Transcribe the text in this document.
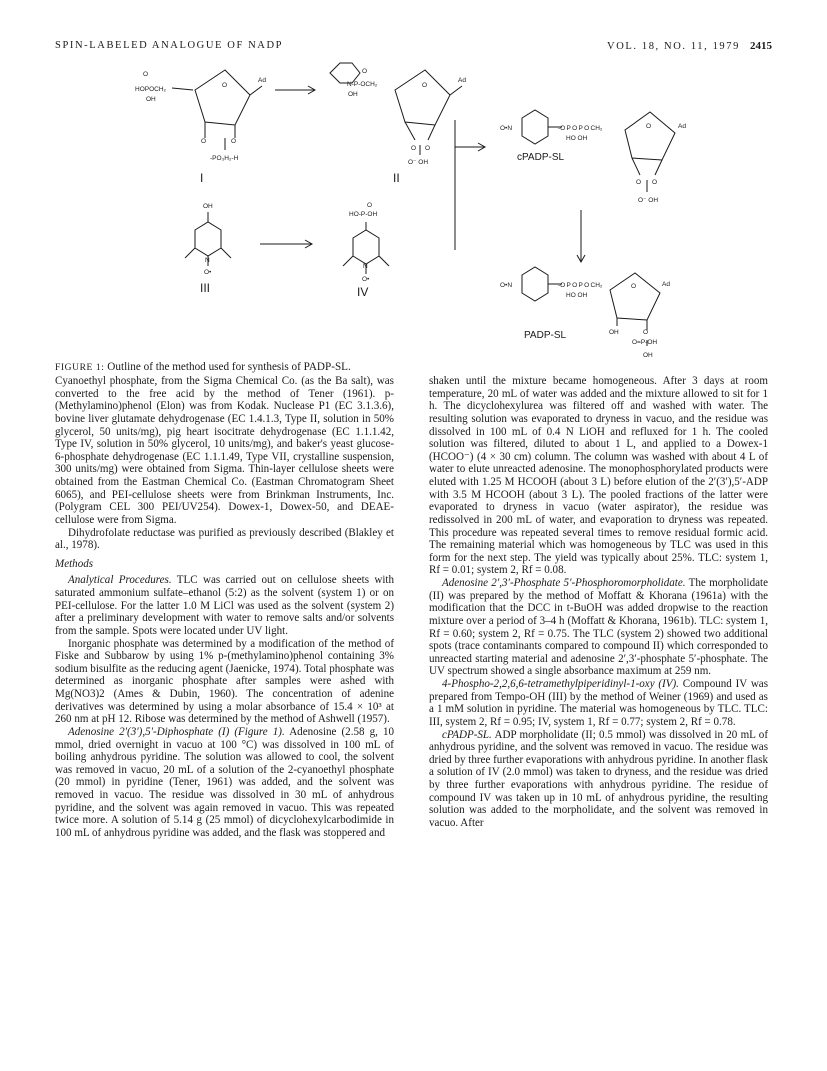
SPIN-LABELED ANALOGUE OF NADP	VOL. 18, NO. 11, 1979 2415
O
HOPOCH₂
OH
O
Ad
O	O
-PO₃H₂-H
O
N-P-OCH₂
OH
O
Ad
O O
O⁻ OH
OH
N
O•
O
HO-P-OH
N
O•
O•N	-O P O P O CH₂
HO OH
O	Ad
O O
O⁻ OH
O•N	-O P O P O CH₂
HO OH
O	Ad
OH	O
O=P-OH
OH
I	II
III	IV
cPADP-SL
PADP-SL
FIGURE 1: Outline of the method used for synthesis of PADP-SL.

Cyanoethyl phosphate, from the Sigma Chemical Co. (as the Ba salt), was converted to the free acid by the method of Tener (1961). p-(Methylamino)phenol (Elon) was from Kodak. Nuclease P1 (EC 3.1.3.6), bovine liver glutamate dehydrogenase (EC 1.4.1.3, Type II, solution in 50% glycerol, 50 units/mg), pig heart isocitrate dehydrogenase (EC 1.1.1.42, Type IV, solution in 50% glycerol, 10 units/mg), and baker's yeast glucose-6-phosphate dehydrogenase (EC 1.1.1.49, Type VII, crystalline suspension, 300 units/mg) were obtained from Sigma. Thin-layer cellulose sheets were obtained from the Eastman Chemical Co. (Eastman Chromatogram Sheet 6065), and PEI-cellulose sheets were from Brinkman Instruments, Inc. (Polygram CEL 300 PEI/UV254). Dowex-1, Dowex-50, and DEAE-cellulose were from Sigma.

Dihydrofolate reductase was purified as previously described (Blakley et al., 1978).

Methods

Analytical Procedures. TLC was carried out on cellulose sheets with saturated ammonium sulfate–ethanol (5:2) as the solvent (system 1) or on PEI-cellulose. For the latter 1.0 M LiCl was used as the solvent (system 2) after a preliminary development with water to remove salts and/or solvents from the sample. Spots were located under UV light.

Inorganic phosphate was determined by a modification of the method of Fiske and Subbarow by using 1% p-(methylamino)phenol containing 3% sodium bisulfite as the reducing agent (Jaenicke, 1974). Total phosphate was determined as inorganic phosphate after samples were ashed with Mg(NO3)2 (Ames & Dubin, 1960). The concentration of adenine derivatives was determined by using a molar absorbance of 15.4 × 10³ at 260 nm at pH 12. Ribose was determined by the method of Ashwell (1957).

Adenosine 2′(3′),5′-Diphosphate (I) (Figure 1). Adenosine (2.58 g, 10 mmol, dried overnight in vacuo at 100 °C) was dissolved in 100 mL of boiling anhydrous pyridine. The solution was allowed to cool, the solvent was removed in vacuo, 20 mL of a solution of the 2-cyanoethyl phosphate (20 mmol) in pyridine (Tener, 1961) was added, and the solvent was removed in vacuo. The residue was dissolved in 30 mL of anhydrous pyridine, and the solvent was again removed in vacuo. This was repeated twice more. A solution of 5.14 g (25 mmol) of dicyclohexylcarbodimide in 100 mL of anhydrous pyridine was added, and the flask was stoppered and

shaken until the mixture became homogeneous. After 3 days at room temperature, 20 mL of water was added and the mixture allowed to sit for 1 h. The dicyclohexylurea was filtered off and washed with water. The resulting solution was evaporated to dryness in vacuo, and the residue was dissolved in 100 mL of 0.4 N LiOH and refluxed for 1 h. The cooled solution was filtered, diluted to about 1 L, and applied to a Dowex-1 (HCOO⁻) (4 × 30 cm) column. The column was washed with about 4 L of water to elute unreacted adenosine. The monophosphorylated products were eluted with 1.25 M HCOOH (about 3 L) before elution of the 2′(3′),5′-ADP with 3.5 M HCOOH (about 3 L). The pooled fractions of the latter were evaporated to dryness in vacuo (water aspirator), the residue was redissolved in 200 mL of water, and evaporation to dryness was repeated. This procedure was repeated several times to remove residual formic acid. The remaining material which was homogeneous by TLC was used in this form for the next step. The yield was typically about 25%. TLC: system 1, Rf = 0.01; system 2, Rf = 0.08.

Adenosine 2′,3′-Phosphate 5′-Phosphoromorpholidate. The morpholidate (II) was prepared by the method of Moffatt & Khorana (1961a) with the modification that the DCC in t-BuOH was added dropwise to the reaction mixture over a period of 3–4 h (Moffatt & Khorana, 1961b). TLC: system 1, Rf = 0.60; system 2, Rf = 0.75. The TLC (system 2) showed two additional spots (trace contaminants compared to compound II) which corresponded to unreacted starting material and adenosine 2′,3′-phosphate 5′-phosphate. The UV spectrum showed a single absorbance maximum at 259 nm.

4-Phospho-2,2,6,6-tetramethylpiperidinyl-1-oxy (IV). Compound IV was prepared from Tempo-OH (III) by the method of Weiner (1969) and used as a 1 mM solution in pyridine. The material was homogeneous by TLC. TLC: III, system 2, Rf = 0.95; IV, system 1, Rf = 0.77; system 2, Rf = 0.78.

cPADP-SL. ADP morpholidate (II; 0.5 mmol) was dissolved in 20 mL of anhydrous pyridine, and the solvent was removed in vacuo. The residue was dried by three further evaporations with anhydrous pyridine. In another flask a solution of IV (2.0 mmol) was taken to dryness, and the residue was dried by three further evaporations with anhydrous pyridine. The residue of compound IV was taken up in 10 mL of anhydrous pyridine, the resulting solution was added to the morpholidate, and the solvent was removed in vacuo. After
